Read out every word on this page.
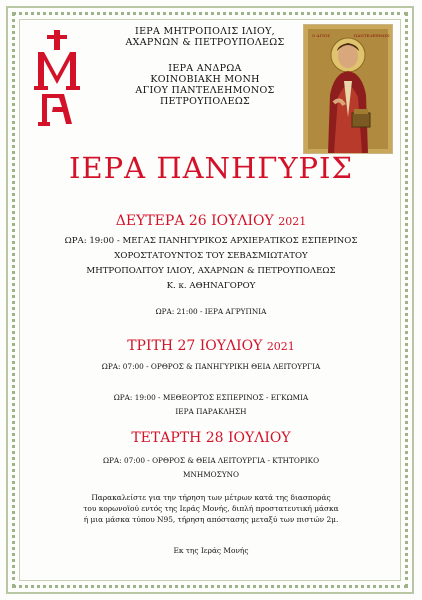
ΙΕΡΑ ΜΗΤΡΟΠΟΛΙΣ ΙΛΙΟΥ,
ΑΧΑΡΝΩΝ & ΠΕΤΡΟΥΠΟΛΕΩΣ
ΙΕΡΑ ΑΝΔΡΩΑ
ΚΟΙΝΟΒΙΑΚΗ ΜΟΝΗ
ΑΓΙΟΥ ΠΑΝΤΕΛΕΗΜΟΝΟΣ
ΠΕΤΡΟΥΠΟΛΕΩΣ
Ο ΑΓΙΟΣ	ΠΑΝΤΕΛΕΗΜΩΝ
ΙΕΡΑ ΠΑΝΗΓΥΡΙΣ
ΔΕΥΤΕΡΑ 26 ΙΟΥΛΙΟΥ 2021
ΩΡΑ: 19:00 - ΜΕΓΑΣ ΠΑΝΗΓΥΡΙΚΟΣ ΑΡΧΙΕΡΑΤΙΚΟΣ ΕΣΠΕΡΙΝΟΣ
ΧΟΡΟΣΤΑΤΟΥΝΤΟΣ ΤΟΥ ΣΕΒΑΣΜΙΩΤΑΤΟΥ
ΜΗΤΡΟΠΟΛΙΤΟΥ ΙΛΙΟΥ, ΑΧΑΡΝΩΝ & ΠΕΤΡΟΥΠΟΛΕΩΣ
Κ. κ. ΑΘΗΝΑΓΟΡΟΥ
ΩΡΑ: 21:00 - ΙΕΡΑ ΑΓΡΥΠΝΙΑ
ΤΡΙΤΗ 27 ΙΟΥΛΙΟΥ 2021
ΩΡΑ: 07:00 - ΟΡΘΡΟΣ & ΠΑΝΗΓΥΡΙΚΗ ΘΕΙΑ ΛΕΙΤΟΥΡΓΙΑ
ΩΡΑ: 19:00 - ΜΕΘΕΟΡΤΟΣ ΕΣΠΕΡΙΝΟΣ - ΕΓΚΩΜΙΑ
ΙΕΡΑ ΠΑΡΑΚΛΗΣΗ
ΤΕΤΑΡΤΗ 28 ΙΟΥΛΙΟΥ
ΩΡΑ: 07:00 - ΟΡΘΡΟΣ & ΘΕΙΑ ΛΕΙΤΟΥΡΓΙΑ - ΚΤΗΤΟΡΙΚΟ
ΜΝΗΜΟΣΥΝΟ
Παρακαλείστε για την τήρηση των μέτρων κατά της διασποράς
του κορωνοϊού εντός της Ιεράς Μονής, διπλή προστατευτική μάσκα
ή μια μάσκα τύπου Ν95, τήρηση απόστασης μεταξύ των πιστών 2μ.
Εκ της Ιεράς Μονής
